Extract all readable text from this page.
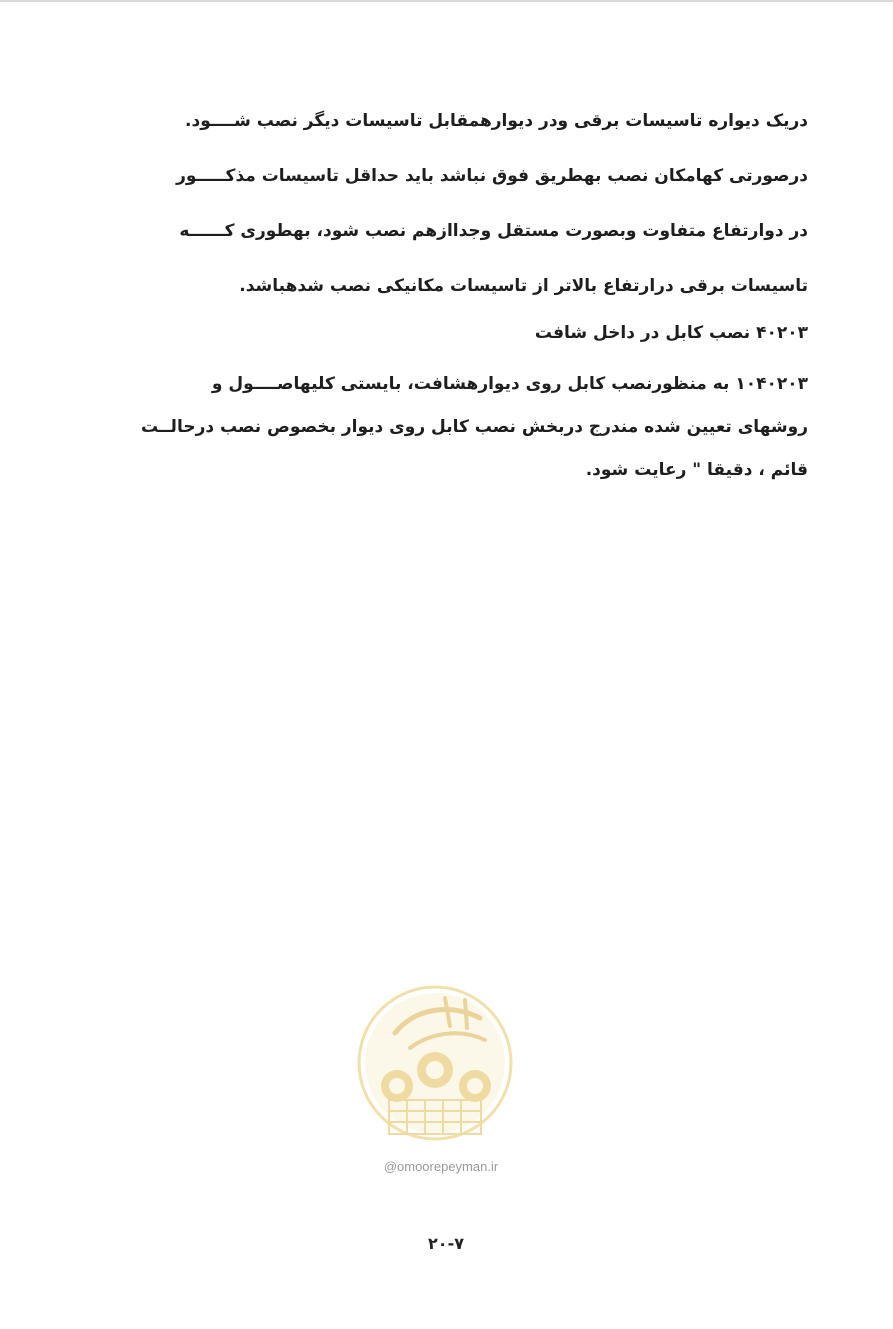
دریک دیواره تاسیسات برقی ودر دیوارهمقابل تاسیسات دیگر نصب شــــود.
درصورتی کهامکان نصب بهطریق فوق نباشد باید حداقل تاسیسات مذکـــــور
در دوارتفاع متفاوت وبصورت مستقل وجداازهم نصب شود، بهطوری کــــــه
تاسیسات برقی درارتفاع بالاتر از تاسیسات مکانیکی نصب شدهباشد.
۴۰۲۰۳ نصب کابل در داخل شافت
۱۰۴۰۲۰۳ به منظورنصب کابل روی دیوارهشافت، بایستی کلیهاصــــول و
روشهای تعیین شده مندرج دربخش نصب کابل روی دیوار بخصوص نصب درحالــت
قائم ، دقیقا " رعایت شود.
@omoorepeyman.ir
۲۰-۷
